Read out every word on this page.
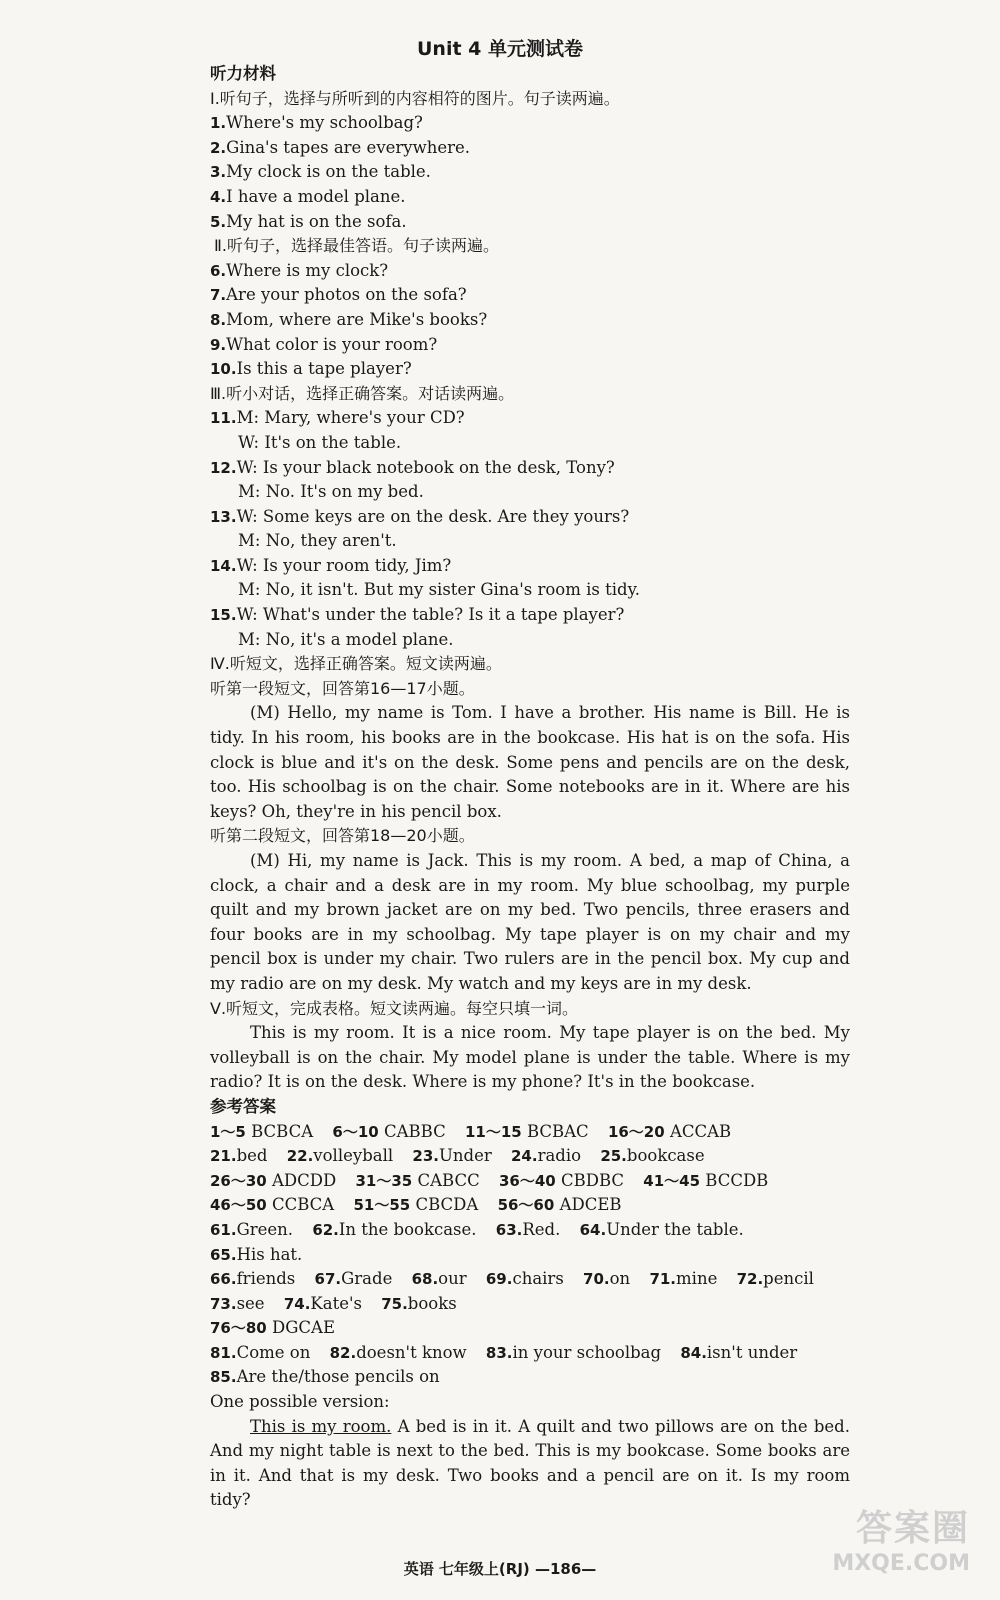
Unit 4 单元测试卷
听力材料
Ⅰ.听句子，选择与所听到的内容相符的图片。句子读两遍。
1.Where's my schoolbag?
2.Gina's tapes are everywhere.
3.My clock is on the table.
4.I have a model plane.
5.My hat is on the sofa.
Ⅱ.听句子，选择最佳答语。句子读两遍。
6.Where is my clock?
7.Are your photos on the sofa?
8.Mom, where are Mike's books?
9.What color is your room?
10.Is this a tape player?
Ⅲ.听小对话，选择正确答案。对话读两遍。
11.M: Mary, where's your CD?
W: It's on the table.
12.W: Is your black notebook on the desk, Tony?
M: No. It's on my bed.
13.W: Some keys are on the desk. Are they yours?
M: No, they aren't.
14.W: Is your room tidy, Jim?
M: No, it isn't. But my sister Gina's room is tidy.
15.W: What's under the table? Is it a tape player?
M: No, it's a model plane.
Ⅳ.听短文，选择正确答案。短文读两遍。
听第一段短文，回答第16—17小题。
(M) Hello, my name is Tom. I have a brother. His name is Bill. He is tidy. In his room, his books are in the bookcase. His hat is on the sofa. His clock is blue and it's on the desk. Some pens and pencils are on the desk, too. His schoolbag is on the chair. Some notebooks are in it. Where are his keys? Oh, they're in his pencil box.
听第二段短文，回答第18—20小题。
(M) Hi, my name is Jack. This is my room. A bed, a map of China, a clock, a chair and a desk are in my room. My blue schoolbag, my purple quilt and my brown jacket are on my bed. Two pencils, three erasers and four books are in my schoolbag. My tape player is on my chair and my pencil box is under my chair. Two rulers are in the pencil box. My cup and my radio are on my desk. My watch and my keys are in my desk.
Ⅴ.听短文，完成表格。短文读两遍。每空只填一词。
This is my room. It is a nice room. My tape player is on the bed. My volleyball is on the chair. My model plane is under the table. Where is my radio? It is on the desk. Where is my phone? It's in the bookcase.
参考答案
1～5 BCBCA 6～10 CABBC 11～15 BCBAC 16～20 ACCAB
21.bed 22.volleyball 23.Under 24.radio 25.bookcase
26～30 ADCDD 31～35 CABCC 36～40 CBDBC 41～45 BCCDB
46～50 CCBCA 51～55 CBCDA 56～60 ADCEB
61.Green. 62.In the bookcase. 63.Red. 64.Under the table.
65.His hat.
66.friends 67.Grade 68.our 69.chairs 70.on 71.mine 72.pencil
73.see 74.Kate's 75.books
76～80 DGCAE
81.Come on 82.doesn't know 83.in your schoolbag 84.isn't under
85.Are the/those pencils on
One possible version:
This is my room. A bed is in it. A quilt and two pillows are on the bed. And my night table is next to the bed. This is my bookcase. Some books are in it. And that is my desk. Two books and a pencil are on it. Is my room tidy?
英语 七年级上(RJ) —186—
答案圈
MXQE.COM
